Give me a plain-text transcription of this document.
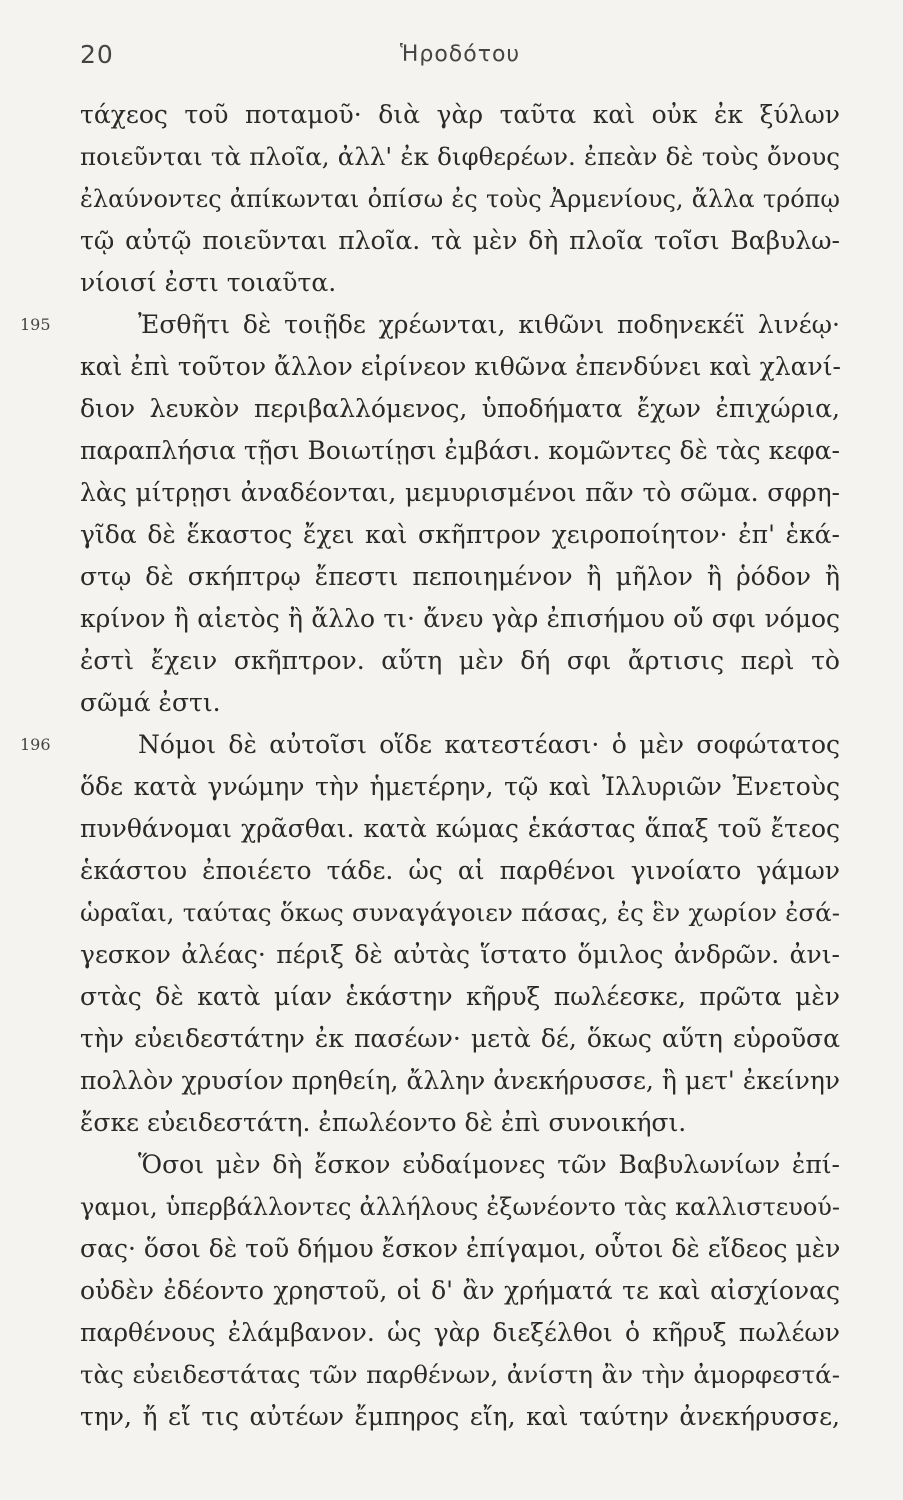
20	Ἡροδότου
τάχεος τοῦ ποταμοῦ· διὰ γὰρ ταῦτα καὶ οὐκ ἐκ ξύλων
ποιεῦνται τὰ πλοῖα, ἀλλ' ἐκ διφθερέων. ἐπεὰν δὲ τοὺς ὄνους
ἐλαύνοντες ἀπίκωνται ὀπίσω ἐς τοὺς Ἀρμενίους, ἄλλα τρόπῳ
τῷ αὐτῷ ποιεῦνται πλοῖα. τὰ μὲν δὴ πλοῖα τοῖσι Βαβυλω-
νίοισί ἐστι τοιαῦτα.
195	Ἐσθῆτι δὲ τοιῇδε χρέωνται, κιθῶνι ποδηνεκέϊ λινέῳ·
καὶ ἐπὶ τοῦτον ἄλλον εἰρίνεον κιθῶνα ἐπενδύνει καὶ χλανί-
διον λευκὸν περιβαλλόμενος, ὑποδήματα ἔχων ἐπιχώρια,
παραπλήσια τῇσι Βοιωτίῃσι ἐμβάσι. κομῶντες δὲ τὰς κεφα-
λὰς μίτρῃσι ἀναδέονται, μεμυρισμένοι πᾶν τὸ σῶμα. σφρη-
γῖδα δὲ ἕκαστος ἔχει καὶ σκῆπτρον χειροποίητον· ἐπ' ἑκά-
στῳ δὲ σκήπτρῳ ἔπεστι πεποιημένον ἢ μῆλον ἢ ῥόδον ἢ
κρίνον ἢ αἰετὸς ἢ ἄλλο τι· ἄνευ γὰρ ἐπισήμου οὔ σφι νόμος
ἐστὶ ἔχειν σκῆπτρον. αὕτη μὲν δή σφι ἄρτισις περὶ τὸ
σῶμά ἐστι.
196	Νόμοι δὲ αὐτοῖσι οἵδε κατεστέασι· ὁ μὲν σοφώτατος
ὅδε κατὰ γνώμην τὴν ἡμετέρην, τῷ καὶ Ἰλλυριῶν Ἐνετοὺς
πυνθάνομαι χρᾶσθαι. κατὰ κώμας ἑκάστας ἅπαξ τοῦ ἔτεος
ἑκάστου ἐποιέετο τάδε. ὡς αἱ παρθένοι γινοίατο γάμων
ὡραῖαι, ταύτας ὅκως συναγάγοιεν πάσας, ἐς ἓν χωρίον ἐσά-
γεσκον ἀλέας· πέριξ δὲ αὐτὰς ἵστατο ὅμιλος ἀνδρῶν. ἀνι-
στὰς δὲ κατὰ μίαν ἑκάστην κῆρυξ πωλέεσκε, πρῶτα μὲν
τὴν εὐειδεστάτην ἐκ πασέων· μετὰ δέ, ὅκως αὕτη εὑροῦσα
πολλὸν χρυσίον πρηθείη, ἄλλην ἀνεκήρυσσε, ἣ μετ' ἐκείνην
ἔσκε εὐειδεστάτη. ἐπωλέοντο δὲ ἐπὶ συνοικήσι.
Ὅσοι μὲν δὴ ἔσκον εὐδαίμονες τῶν Βαβυλωνίων ἐπί-
γαμοι, ὑπερβάλλοντες ἀλλήλους ἐξωνέοντο τὰς καλλιστευού-
σας· ὅσοι δὲ τοῦ δήμου ἔσκον ἐπίγαμοι, οὗτοι δὲ εἴδεος μὲν
οὐδὲν ἐδέοντο χρηστοῦ, οἱ δ' ἂν χρήματά τε καὶ αἰσχίονας
παρθένους ἐλάμβανον. ὡς γὰρ διεξέλθοι ὁ κῆρυξ πωλέων
τὰς εὐειδεστάτας τῶν παρθένων, ἀνίστη ἂν τὴν ἀμορφεστά-
την, ἤ εἴ τις αὐτέων ἔμπηρος εἴη, καὶ ταύτην ἀνεκήρυσσε,
